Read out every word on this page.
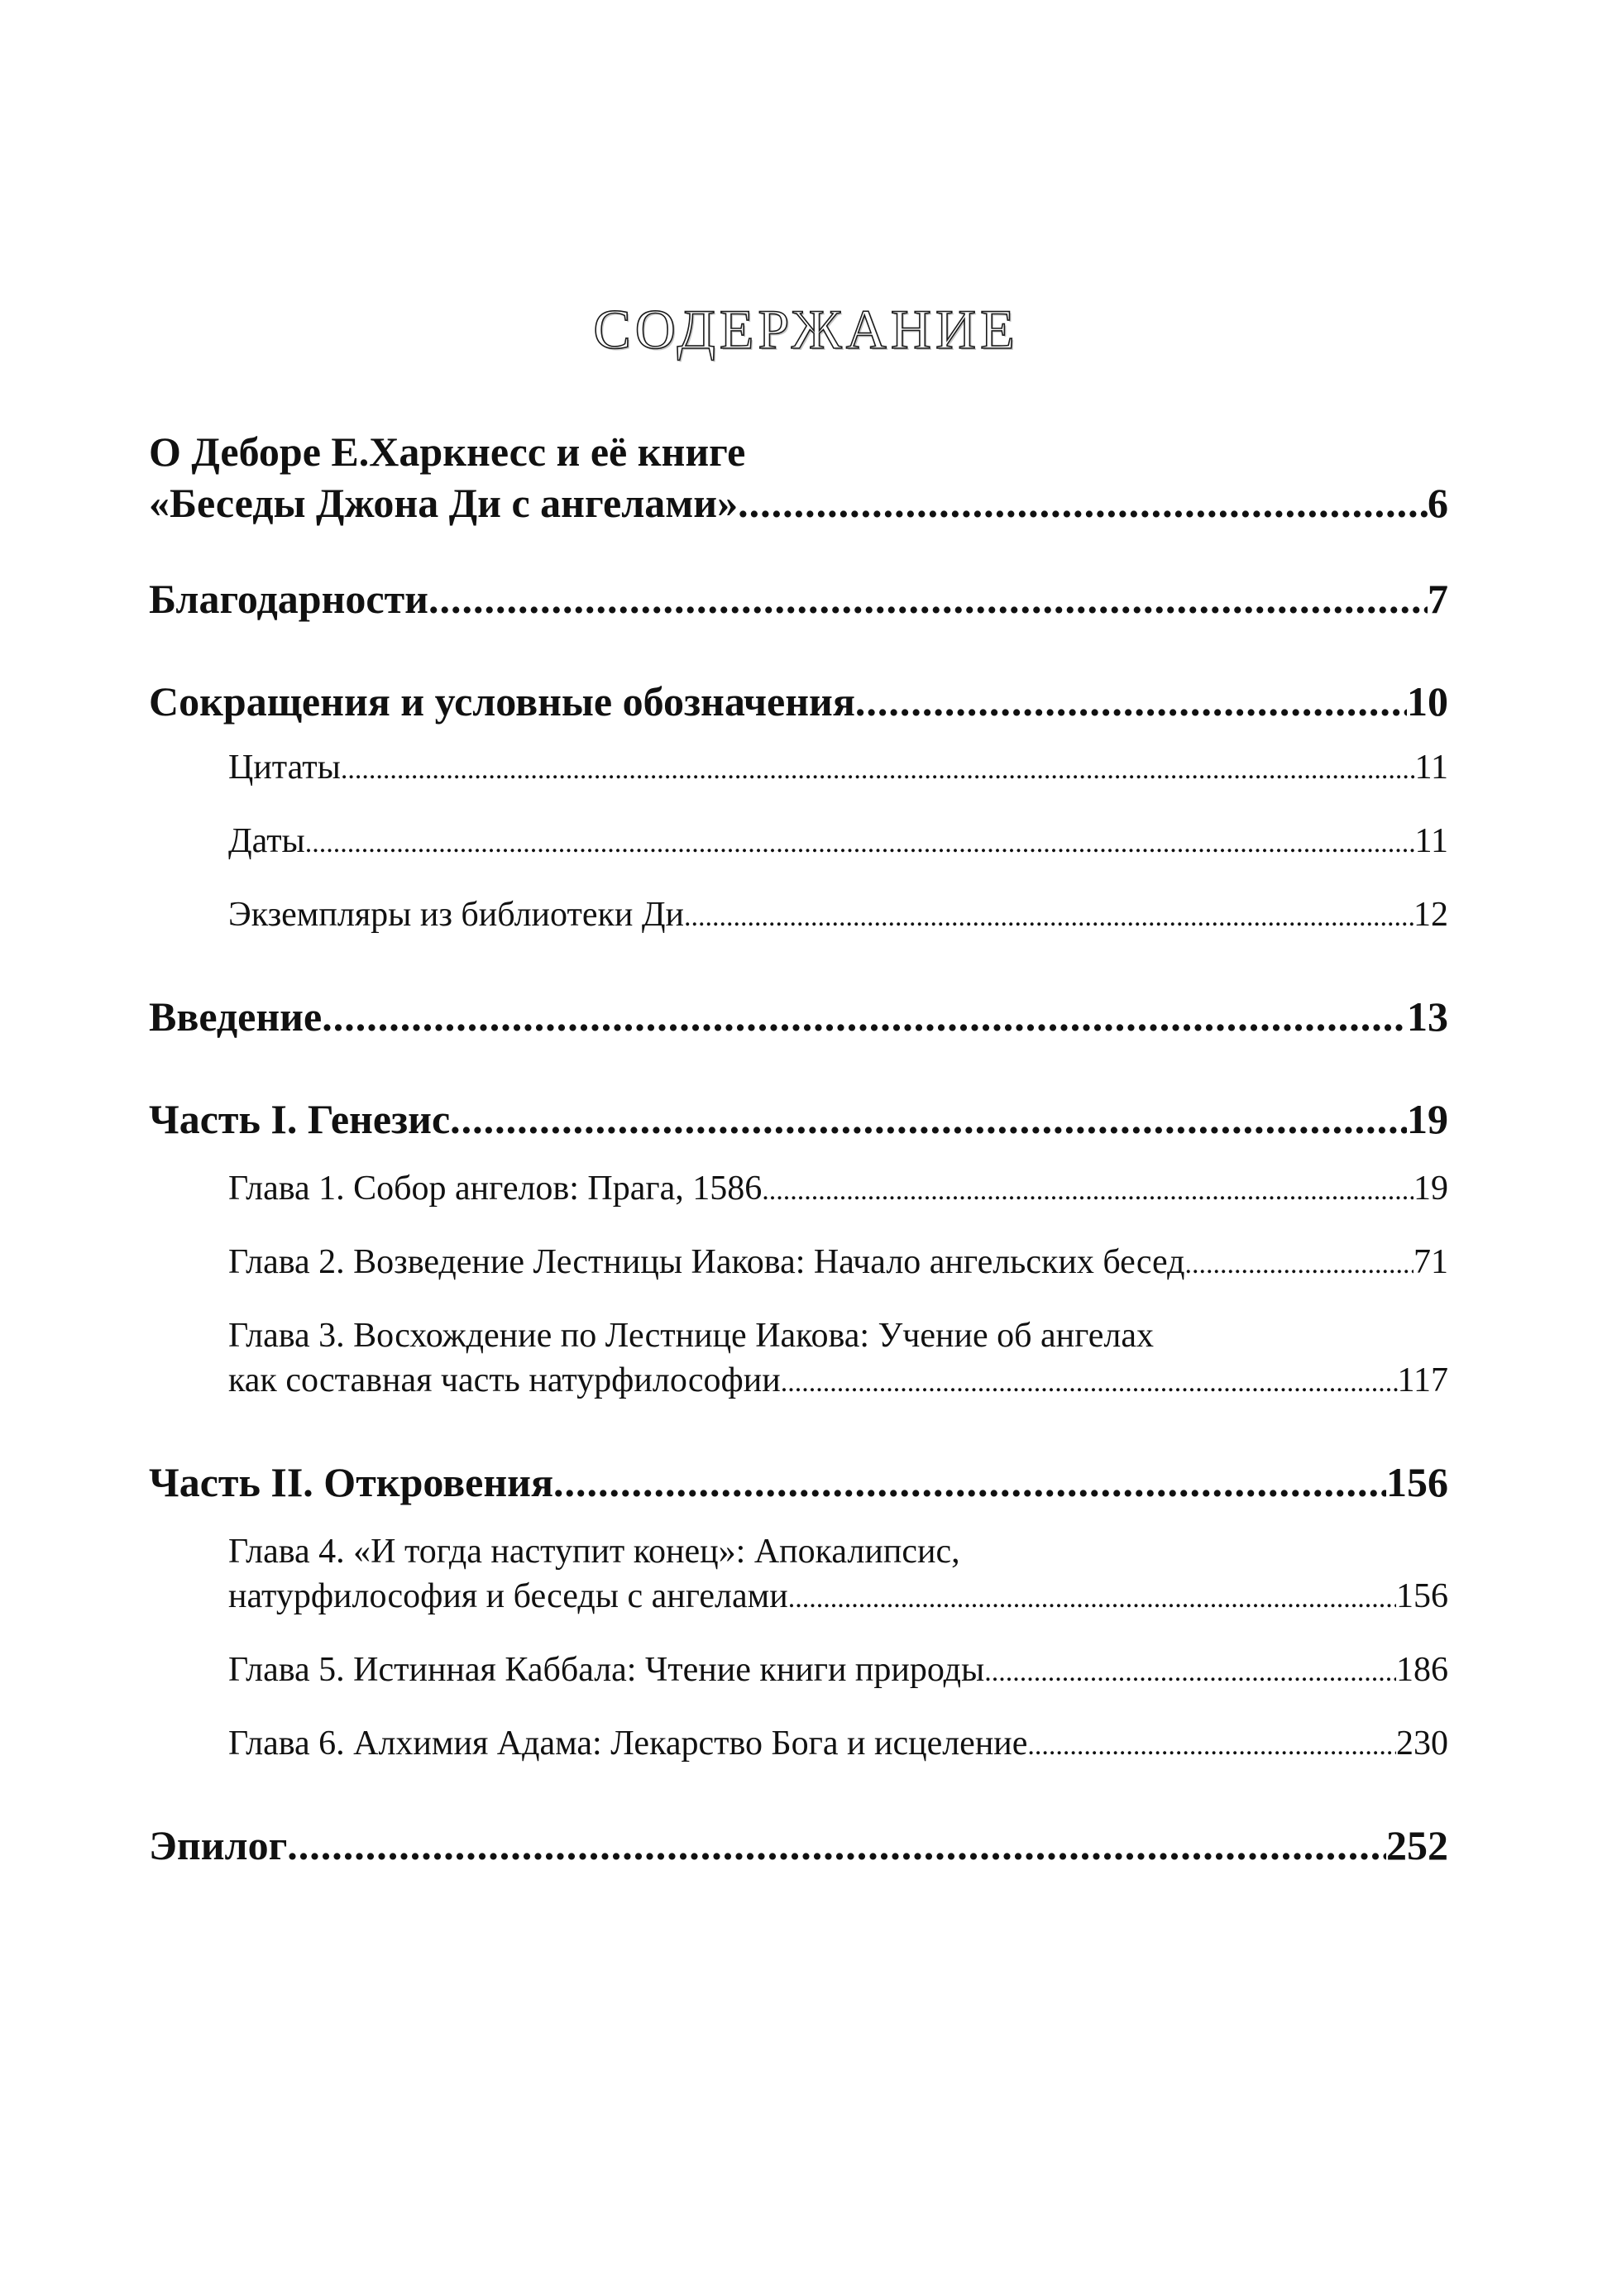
СОДЕРЖАНИЕ
О Деборе Е.Харкнесс и её книге
«Беседы Джона Ди с ангелами» .....	6
Благодарности .....	7
Сокращения и условные обозначения .....	10
Цитаты .....	11
Даты .....	11
Экземпляры из библиотеки Ди .....	12
Введение .....	13
Часть I. Генезис .....	19
Глава 1. Собор ангелов: Прага, 1586 .....	19
Глава 2. Возведение Лестницы Иакова: Начало ангельских бесед .....	71
Глава 3. Восхождение по Лестнице Иакова: Учение об ангелах
как составная часть натурфилософии .....	117
Часть II. Откровения .....	156
Глава 4. «И тогда наступит конец»: Апокалипсис,
натурфилософия и беседы с ангелами .....	156
Глава 5. Истинная Каббала: Чтение книги природы .....	186
Глава 6. Алхимия Адама: Лекарство Бога и исцеление .....	230
Эпилог .....	252
